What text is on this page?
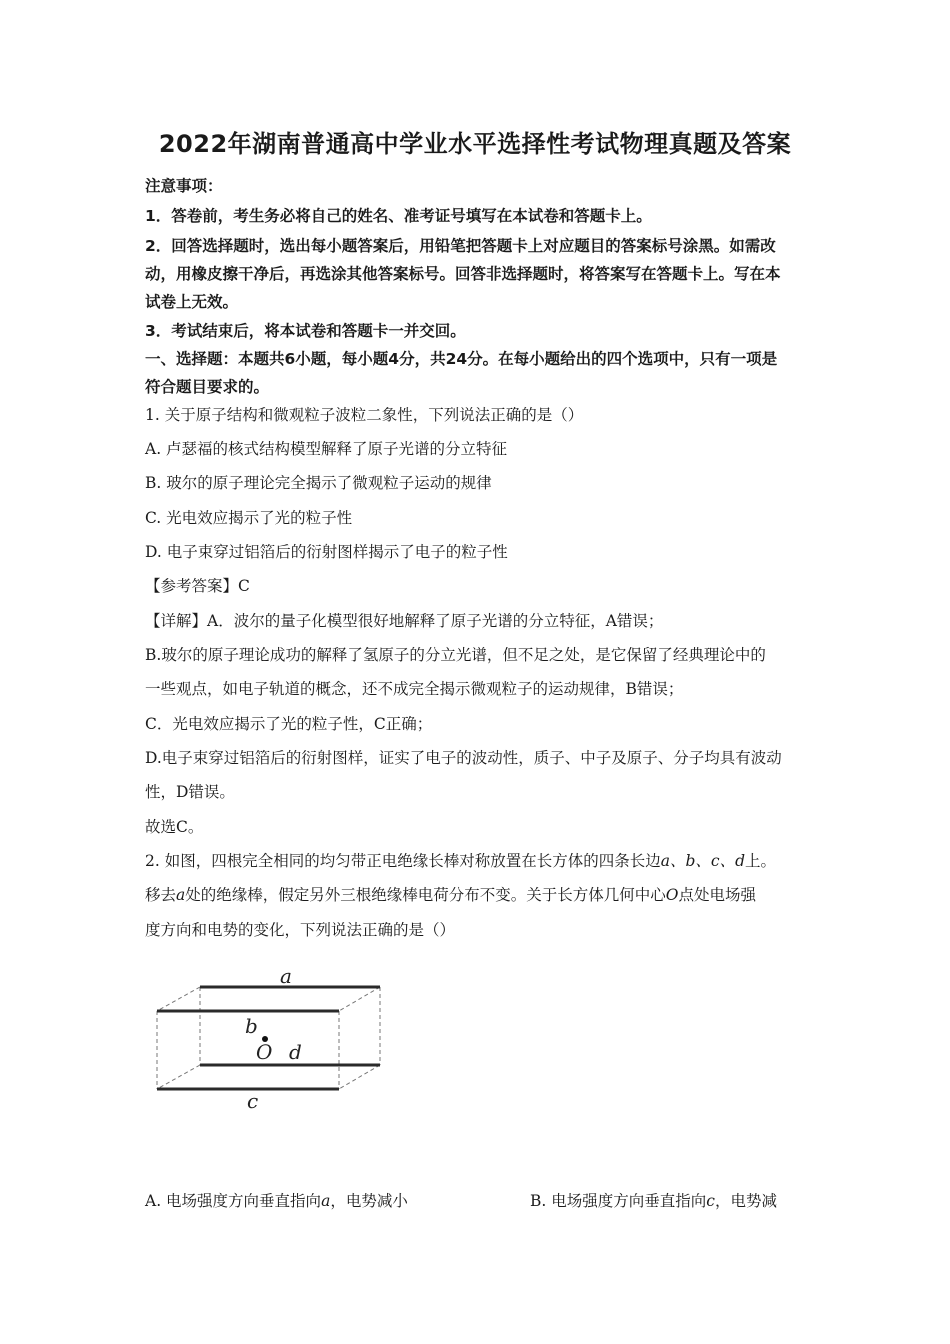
2022年湖南普通高中学业水平选择性考试物理真题及答案
注意事项：
1．答卷前，考生务必将自己的姓名、准考证号填写在本试卷和答题卡上。
2．回答选择题时，选出每小题答案后，用铅笔把答题卡上对应题目的答案标号涂黑。如需改
动，用橡皮擦干净后，再选涂其他答案标号。回答非选择题时，将答案写在答题卡上。写在本
试卷上无效。
3．考试结束后，将本试卷和答题卡一并交回。
一、选择题：本题共6小题，每小题4分，共24分。在每小题给出的四个选项中，只有一项是
符合题目要求的。
1. 关于原子结构和微观粒子波粒二象性，下列说法正确的是（）
A. 卢瑟福的核式结构模型解释了原子光谱的分立特征
B. 玻尔的原子理论完全揭示了微观粒子运动的规律
C. 光电效应揭示了光的粒子性
D. 电子束穿过铝箔后的衍射图样揭示了电子的粒子性
【参考答案】C
【详解】A．波尔的量子化模型很好地解释了原子光谱的分立特征，A错误；
B.玻尔的原子理论成功的解释了氢原子的分立光谱，但不足之处，是它保留了经典理论中的
一些观点，如电子轨道的概念，还不成完全揭示微观粒子的运动规律，B错误；
C．光电效应揭示了光的粒子性，C正确；
D.电子束穿过铝箔后的衍射图样，证实了电子的波动性，质子、中子及原子、分子均具有波动
性，D错误。
故选C。
2. 如图，四根完全相同的均匀带正电绝缘长棒对称放置在长方体的四条长边a、b、c、d上。
移去a处的绝缘棒，假定另外三根绝缘棒电荷分布不变。关于长方体几何中心O点处电场强
度方向和电势的变化，下列说法正确的是（）
a
b
O d
c
A. 电场强度方向垂直指向a，电势减小	B. 电场强度方向垂直指向c，电势减
